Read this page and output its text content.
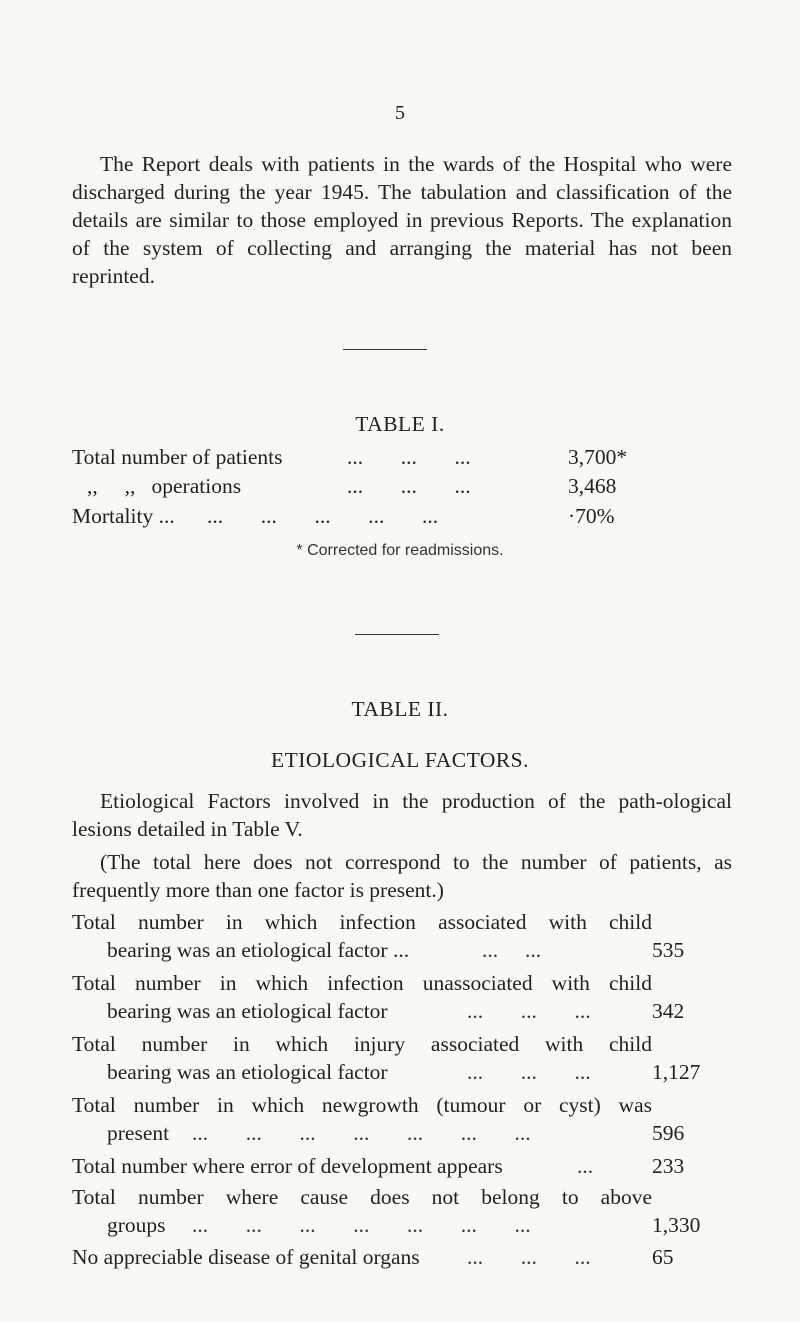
5

The Report deals with patients in the wards of the Hospital who were discharged during the year 1945. The tabulation and classification of the details are similar to those employed in previous Reports. The explanation of the system of collecting and arranging the material has not been reprinted.

TABLE I.
Total number of patients	...       ...       ...	3,700*
,,     ,,   operations	...       ...       ...	3,468
Mortality ... ...       ...       ...       ...       ...	·70%
* Corrected for readmissions.
TABLE II.
ETIOLOGICAL FACTORS.

Etiological Factors involved in the production of the path-ological lesions detailed in Table V.

(The total here does not correspond to the number of patients, as frequently more than one factor is present.)

Total number in which infection associated with child
bearing was an etiological factor ...	...     ...	535
Total number in which infection unassociated with child
bearing was an etiological factor	...       ...       ...	342
Total number in which injury associated with child
bearing was an etiological factor	...       ...       ...	1,127
Total number in which newgrowth (tumour or cyst) was
present ...       ...       ...       ...       ...       ...       ...	596
Total number where error of development appears	...	233
Total number where cause does not belong to above
groups ...       ...       ...       ...       ...       ...       ...	1,330
No appreciable disease of genital organs ...       ...       ...	65
